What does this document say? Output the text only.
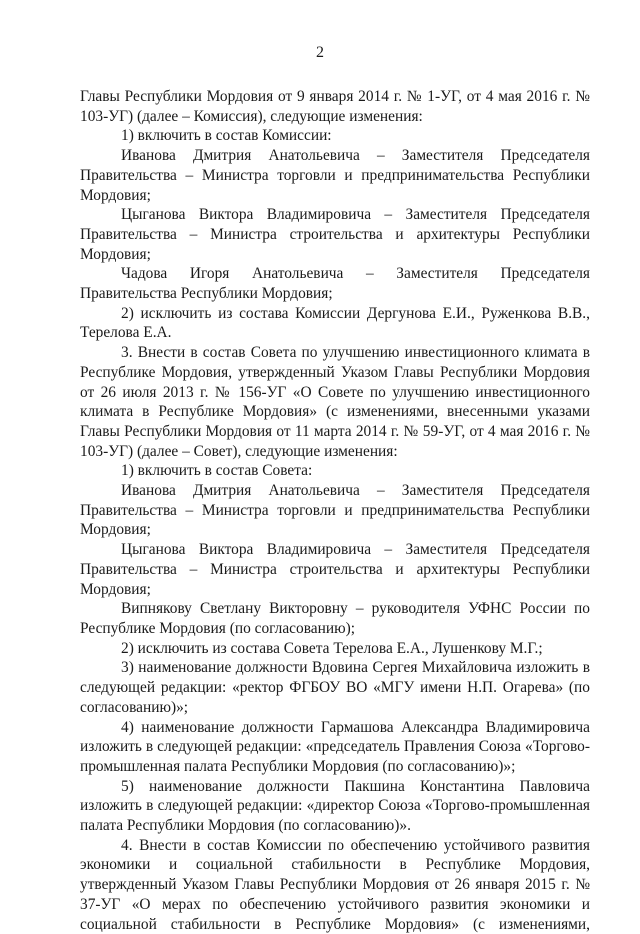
2

Главы Республики Мордовия от 9 января 2014 г. № 1-УГ, от 4 мая 2016 г. № 103-УГ) (далее – Комиссия), следующие изменения:

1) включить в состав Комиссии:

Иванова Дмитрия Анатольевича – Заместителя Председателя Правительства – Министра торговли и предпринимательства Республики Мордовия;

Цыганова Виктора Владимировича – Заместителя Председателя Правительства – Министра строительства и архитектуры Республики Мордовия;

Чадова Игоря Анатольевича – Заместителя Председателя Правительства Республики Мордовия;

2) исключить из состава Комиссии Дергунова Е.И., Руженкова В.В., Терелова Е.А.

3. Внести в состав Совета по улучшению инвестиционного климата в Республике Мордовия, утвержденный Указом Главы Республики Мордовия от 26 июля 2013 г. № 156-УГ «О Совете по улучшению инвестиционного климата в Республике Мордовия» (с изменениями, внесенными указами Главы Республики Мордовия от 11 марта 2014 г. № 59-УГ, от 4 мая 2016 г. № 103-УГ) (далее – Совет), следующие изменения:

1) включить в состав Совета:

Иванова Дмитрия Анатольевича – Заместителя Председателя Правительства – Министра торговли и предпринимательства Республики Мордовия;

Цыганова Виктора Владимировича – Заместителя Председателя Правительства – Министра строительства и архитектуры Республики Мордовия;

Випнякову Светлану Викторовну – руководителя УФНС России по Республике Мордовия (по согласованию);

2) исключить из состава Совета Терелова Е.А., Лушенкову М.Г.;

3) наименование должности Вдовина Сергея Михайловича изложить в следующей редакции: «ректор ФГБОУ ВО «МГУ имени Н.П. Огарева» (по согласованию)»;

4) наименование должности Гармашова Александра Владимировича изложить в следующей редакции: «председатель Правления Союза «Торгово-промышленная палата Республики Мордовия (по согласованию)»;

5) наименование должности Пакшина Константина Павловича изложить в следующей редакции: «директор Союза «Торгово-промышленная палата Республики Мордовия (по согласованию)».

4. Внести в состав Комиссии по обеспечению устойчивого развития экономики и социальной стабильности в Республике Мордовия, утвержденный Указом Главы Республики Мордовия от 26 января 2015 г. № 37-УГ «О мерах по обеспечению устойчивого развития экономики и социальной стабильности в Республике Мордовия» (с изменениями,
